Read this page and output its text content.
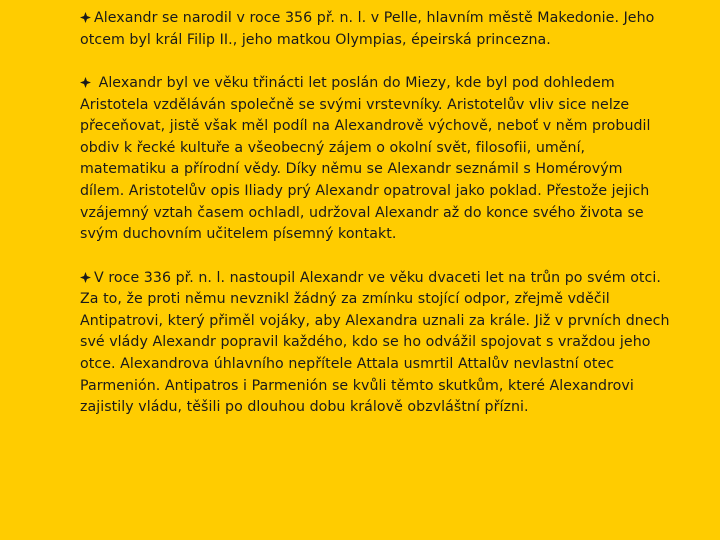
Alexandr se narodil v roce 356 př. n. l. v Pelle, hlavním městě Makedonie. Jeho otcem byl král Filip II., jeho matkou Olympias, épeirská princezna.

Alexandr byl ve věku třinácti let poslán do Miezy, kde byl pod dohledem Aristotela vzděláván společně se svými vrstevníky. Aristotelův vliv sice nelze přeceňovat, jistě však měl podíl na Alexandrově výchově, neboť v něm probudil obdiv k řecké kultuře a všeobecný zájem o okolní svět, filosofii, umění, matematiku a přírodní vědy. Díky němu se Alexandr seznámil s Homérovým dílem. Aristotelův opis Iliady prý Alexandr opatroval jako poklad. Přestože jejich vzájemný vztah časem ochladl, udržoval Alexandr až do konce svého života se svým duchovním učitelem písemný kontakt.

V roce 336 př. n. l. nastoupil Alexandr ve věku dvaceti let na trůn po svém otci. Za to, že proti němu nevznikl žádný za zmínku stojící odpor, zřejmě vděčil Antipatrovi, který přiměl vojáky, aby Alexandra uznali za krále. Již v prvních dnech své vlády Alexandr popravil každého, kdo se ho odvážil spojovat s vraždou jeho otce. Alexandrova úhlavního nepřítele Attala usmrtil Attalův nevlastní otec Parmenión. Antipatros i Parmenión se kvůli těmto skutkům, které Alexandrovi zajistily vládu, těšili po dlouhou dobu králově obzvláštní přízni.
